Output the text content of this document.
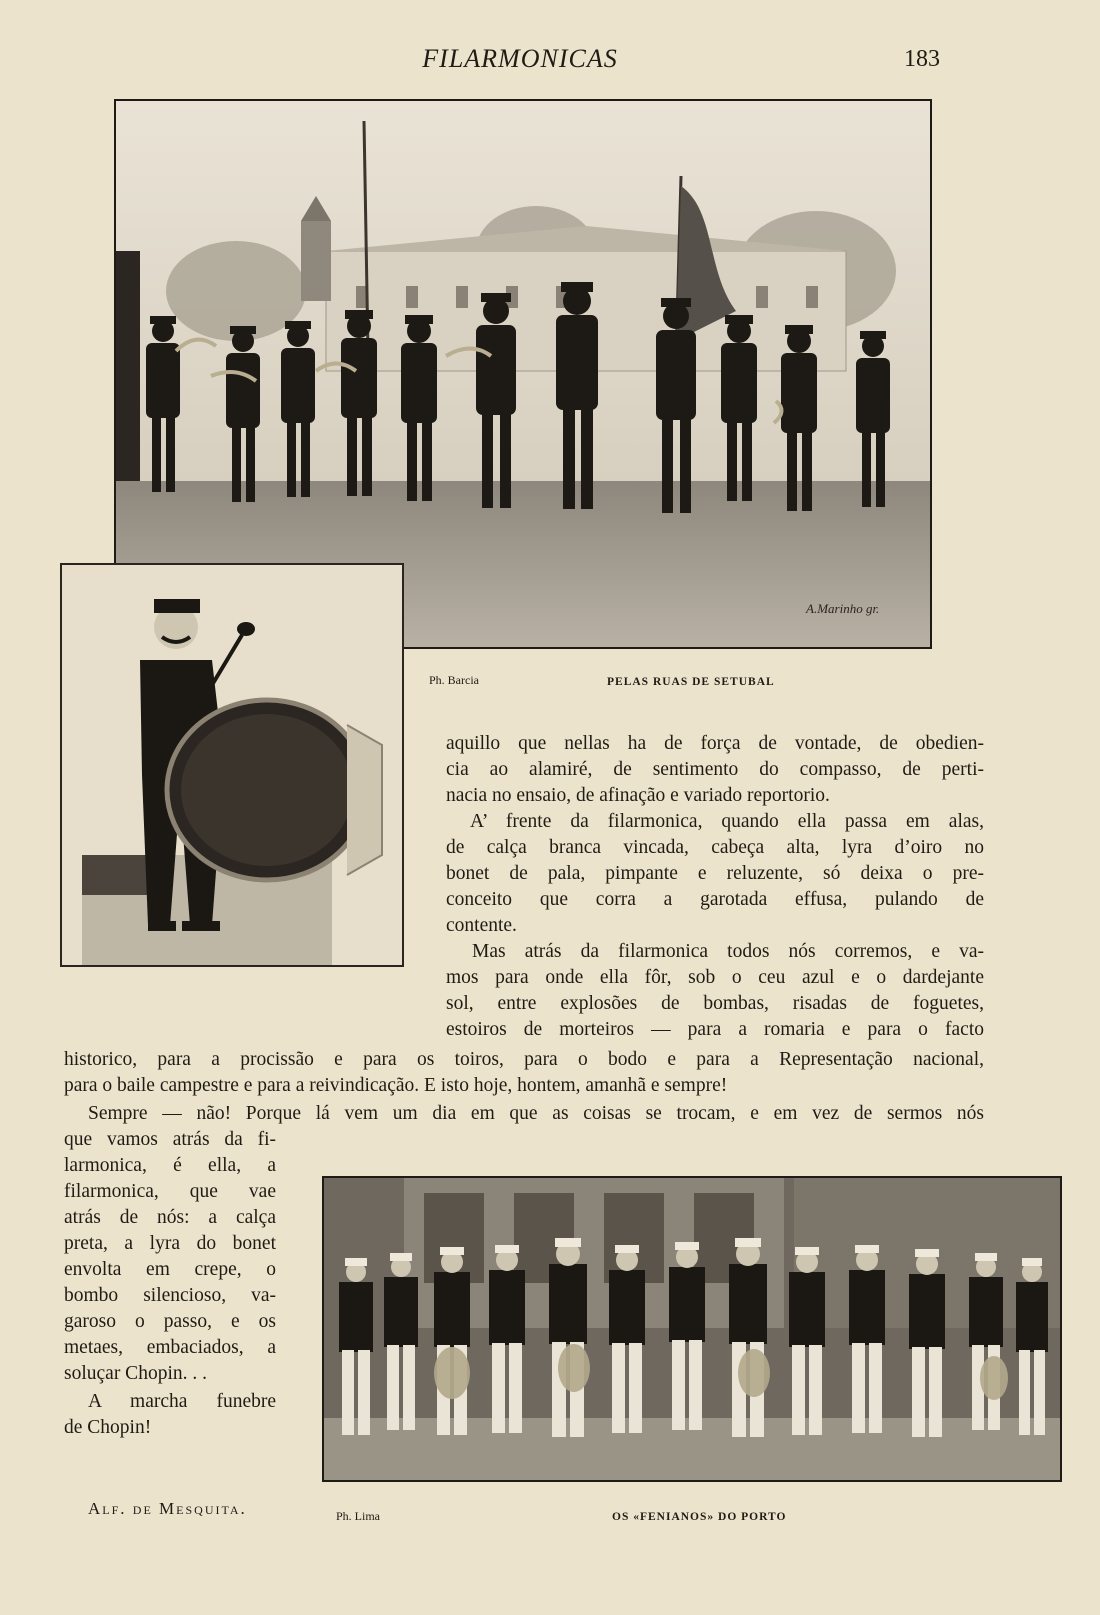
FILARMONICAS	183
A.Marinho gr.
Ph. Barcia	PELAS RUAS DE SETUBAL
aquillo que nellas ha de força de vontade, de obedien-
cia ao alamiré, de sentimento do compasso, de perti-
nacia no ensaio, de afinação e variado reportorio.
A’ frente da filarmonica, quando ella passa em alas,
de calça branca vincada, cabeça alta, lyra d’oiro no
bonet de pala, pimpante e reluzente, só deixa o pre-
conceito que corra a garotada effusa, pulando de
contente.
Mas atrás da filarmonica todos nós corremos, e va-
mos para onde ella fôr, sob o ceu azul e o dardejante
sol, entre explosões de bombas, risadas de foguetes,
estoiros de morteiros — para a romaria e para o facto
historico, para a procissão e para os toiros, para o bodo e para a Representação nacional,
para o baile campestre e para a reivindicação. E isto hoje, hontem, amanhã e sempre!
Sempre — não! Porque lá vem um dia em que as coisas se trocam, e em vez de sermos nós
que vamos atrás da fi-
larmonica, é ella, a
filarmonica, que vae
atrás de nós: a calça
preta, a lyra do bonet
envolta em crepe, o
bombo silencioso, va-
garoso o passo, e os
metaes, embaciados, a
soluçar Chopin. . .
A marcha funebre
de Chopin!
Alf. de Mesquita.	Ph. Lima	OS «FENIANOS» DO PORTO
